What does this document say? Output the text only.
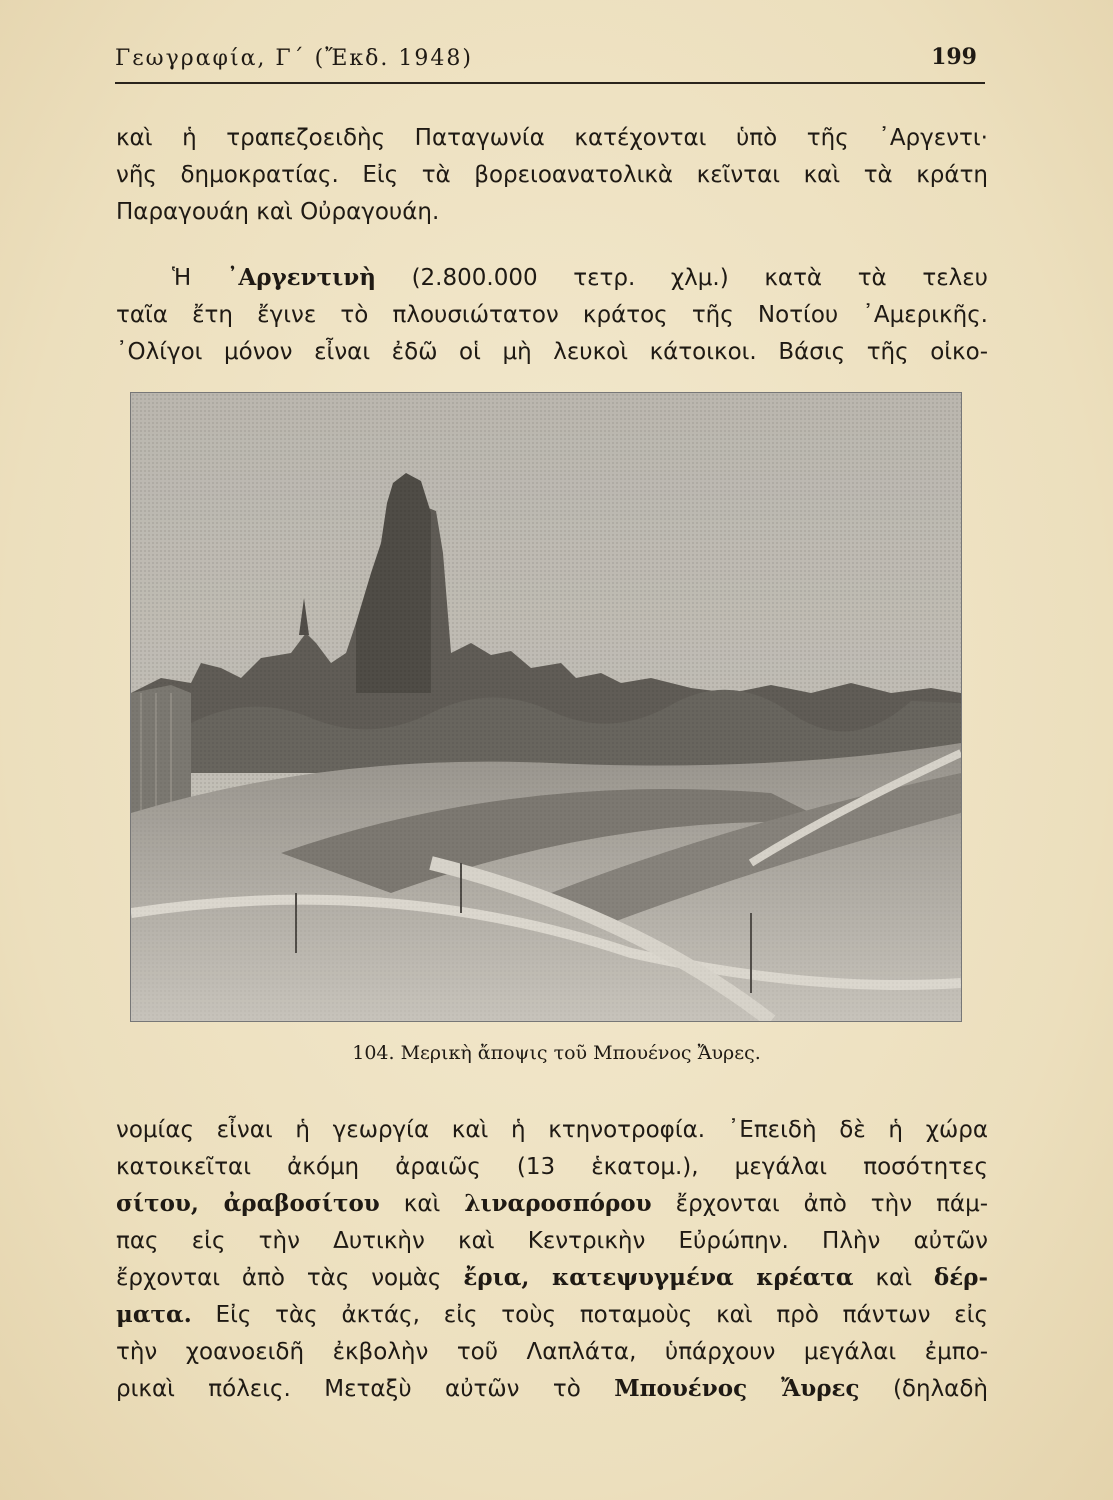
Γεωγραφία, Γ΄ (Ἔκδ. 1948)	199
καὶ ἡ τραπεζοειδὴς Παταγωνία κατέχονται ὑπὸ τῆς ᾿Αργεντι·
νῆς δημοκρατίας. Εἰς τὰ βορειοανατολικὰ κεῖνται καὶ τὰ κράτη
Παραγουάη καὶ Οὐραγουάη.
Ἡ ᾿Αργεντινὴ (2.800.000 τετρ. χλμ.) κατὰ τὰ τελευ
ταῖα ἔτη ἔγινε τὸ πλουσιώτατον κράτος τῆς Νοτίου ᾿Αμερικῆς.
᾿Ολίγοι μόνον εἶναι ἐδῶ οἱ μὴ λευκοὶ κάτοικοι. Βάσις τῆς οἰκο-
104. Μερικὴ ἄποψις τοῦ Μπουένος Ἄυρες.
νομίας εἶναι ἡ γεωργία καὶ ἡ κτηνοτροφία. ᾿Επειδὴ δὲ ἡ χώρα
κατοικεῖται ἀκόμη ἀραιῶς (13 ἑκατομ.), μεγάλαι ποσότητες
σίτου, ἀραβοσίτου καὶ λιναροσπόρου ἔρχονται ἀπὸ τὴν πάμ-
πας εἰς τὴν Δυτικὴν καὶ Κεντρικὴν Εὐρώπην. Πλὴν αὐτῶν
ἔρχονται ἀπὸ τὰς νομὰς ἔρια, κατεψυγμένα κρέατα καὶ δέρ-
ματα. Εἰς τὰς ἀκτάς, εἰς τοὺς ποταμοὺς καὶ πρὸ πάντων εἰς
τὴν χοανοειδῆ ἐκβολὴν τοῦ Λαπλάτα, ὑπάρχουν μεγάλαι ἐμπο-
ρικαὶ πόλεις. Μεταξὺ αὐτῶν τὸ Μπουένος Ἄυρες (δηλαδὴ
